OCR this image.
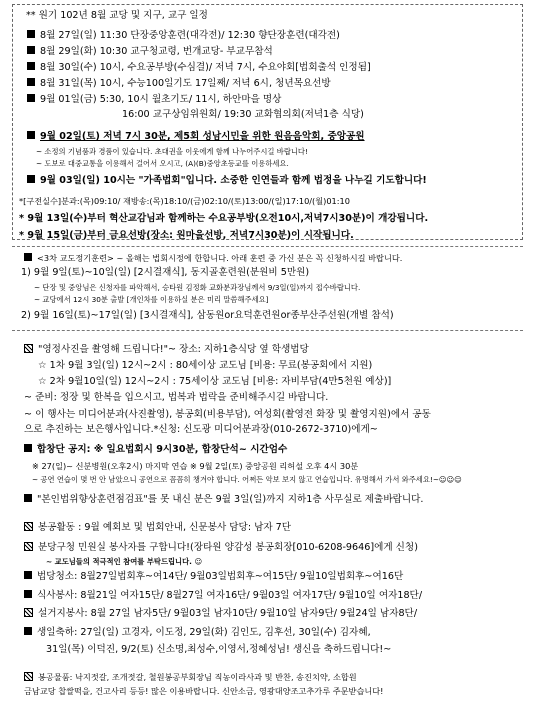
** 원기 102년 8월 교당 및 지구, 교구 일정
8월 27일(일) 11:30 단장중앙훈련(대각전)/ 12:30 향단장훈련(대각전)
8월 29일(화) 10:30 교구청교령, 번개교당- 부교무참석
8월 30일(수) 10시, 수요공부방(수심결)/ 저녁 7시, 수요야회[법회출석 인정됨]
8월 31일(목) 10시, 수능100일기도 17일째/ 저녁 6시, 청년목요선방
9월 01일(금) 5:30, 10시 월초기도/ 11시, 하안마을 명상
16:00 교구상임위원회/ 19:30 교화협의회(저녁1층 식당)
9월 02일(토) 저녁 7시 30분, 제5회 성남시민을 위한 원음음악회, 중앙공원
~ 소정의 기념품과 경품이 있습니다. 초대권을 이웃에게 함께 나누어주시길 바랍니다!
~ 도보로 대중교통을 이용해서 걸어서 오시고, (A)(B)중앙초등교를 이용하세요.
9월 03일(일) 10시는 "가족법회"입니다. 소중한 인연들과 함께 법정을 나누길 기도합니다!
*[구전실수]분과:(목)09:10/ 재방송:(목)18:10/(금)02:10/(토)13:00/(일)17:10/(월)01:10
* 9월 13일(수)부터 혁산교감님과 함께하는 수요공부방(오전10시,저녁7시30분)이 개강됩니다.
* 9월 15일(금)부터 금요선방(장소: 원마을선방, 저녁7시30분)이 시작됩니다.
<3차 교도정기훈련> ~ 올해는 법회시정에 한합니다. 아래 훈련 중 가신 분은 꼭 신청하시길 바랍니다.
1) 9월 9일(토)~10일(일) [2시결재식], 동지골훈련원(분원비 5만원)
~ 단장 및 중앙님은 신청자를 파악해서, 승타원 김정화 교화분과장님께서 9/3일(일)까지 접수바랍니다.
~ 교당에서 12시 30분 출발 [개인차를 이용하실 분은 미리 말씀해주세요]
2) 9월 16일(토)~17일(일) [3시결재식], 삼동원or요덕훈련원or종부산주선원(개별 참석)
"영정사진을 촬영해 드립니다!"~ 장소: 지하1층식당 옆 학생법당
☆ 1차 9월 3일(일) 12시~2시 : 80세이상 교도님 [비용: 무료(봉공회에서 지원)
☆ 2차 9월10일(일) 12시~2시 : 75세이상 교도님 [비용: 자비부담(4만5천원 예상)]
~ 준비: 정장 및 한복을 입으시고, 법복과 법락을 준비해주시길 바랍니다.
~ 이 행사는 미디어분과(사진촬영), 봉공회(비용부담), 여성회(촬영전 화장 및 촬영지원)에서 공동
으로 추진하는 보은행사입니다.*신청: 신도광 미디어분과장(010-2672-3710)에게~
합창단 공지: ※ 일요법회시 9시30분, 합창단석~ 시간엄수
※ 27(일)~ 신분병원(오후2시) 마지막 연습 ※ 9월 2일(토) 중앙공원 리허설 오후 4시 30분
~ 공연 연습이 몇 번 안 남았으니 공연으로 꼼꼼히 챙겨야 합니다. 어쩌든 악보 보지 않고 연습입니다. 유명해서 가서 와주세요!~☺☺☺
"본인법위향상훈련점검표"를 못 내신 분은 9월 3일(일)까지 지하1층 사무실로 제출바랍니다.
봉공활동 : 9월 예회보 및 법회안내, 신문봉사 담당: 남자 7단
분당구청 민원실 봉사자를 구합니다!(장타원 양감성 봉공회장[010-6208-9646]에게 신청)
~ 교도님들의 적극적인 참여를 부탁드립니다. ☺
법당청소: 8월27일법회후~여14단/ 9월03일법회후~여15단/ 9월10일법회후~여16단
식사봉사: 8월21일 여자15단/ 8월27일 여자16단/ 9월03일 여자17단/ 9월10일 여자18단/
설거지봉사: 8월 27일 남자5단/ 9월03일 남자10단/ 9월10일 남자9단/ 9월24일 남자8단/
생일축하: 27일(일) 고경자, 이도정, 29일(화) 김인도, 김후선, 30일(수) 김자혜,
31일(목) 이덕진, 9/2(토) 신소명,최성수,이영서,정혜성님! 생신을 축하드립니다!~
봉공물품: 낙지젓갈, 조개젓갈, 철원봉공부회장님 직농이라사과 및 반찬, 송진치약, 소합원
금남교당 찹쌀떡을, 건고사리 등등! 많은 이용바랍니다. 신안소금, 영광대양조고추가루 주문받습니다!
